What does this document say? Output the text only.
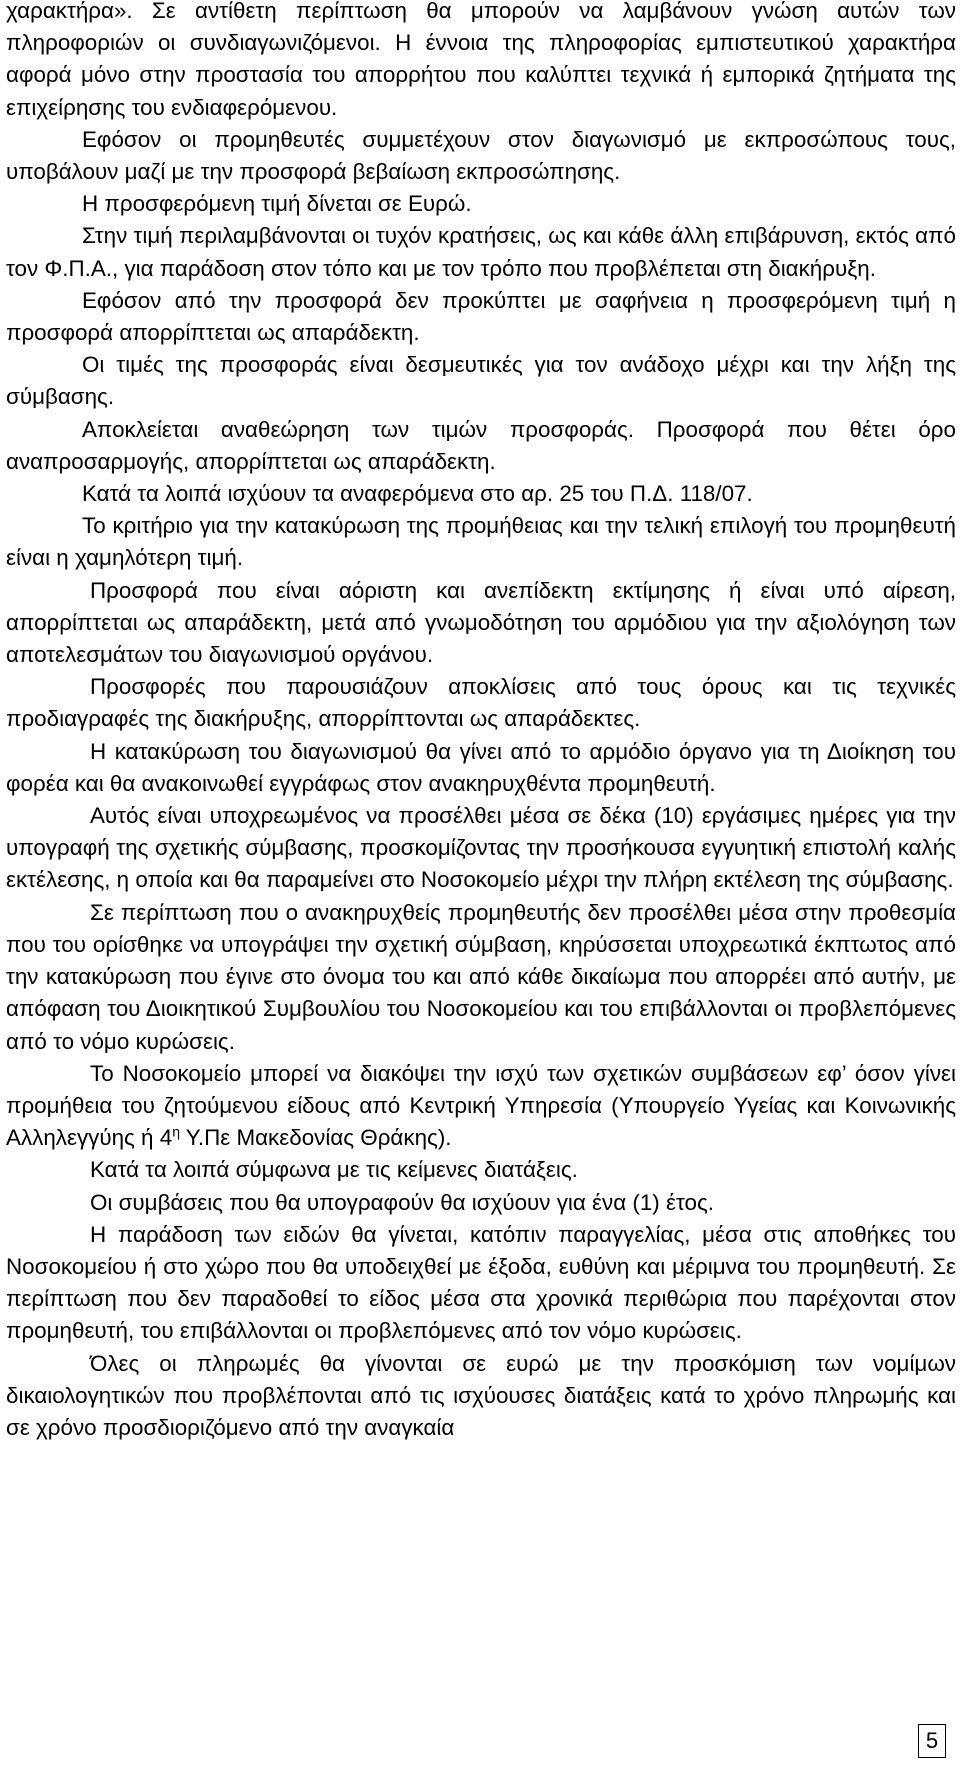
χαρακτήρα». Σε αντίθετη περίπτωση θα μπορούν να λαμβάνουν γνώση αυτών των πληροφοριών οι συνδιαγωνιζόμενοι. Η έννοια της πληροφορίας εμπιστευτικού χαρακτήρα αφορά μόνο στην προστασία του απορρήτου που καλύπτει τεχνικά ή εμπορικά ζητήματα της επιχείρησης του ενδιαφερόμενου.

Εφόσον οι προμηθευτές συμμετέχουν στον διαγωνισμό με εκπροσώπους τους, υποβάλουν μαζί με την προσφορά βεβαίωση εκπροσώπησης.

Η προσφερόμενη τιμή δίνεται σε Ευρώ.

Στην τιμή περιλαμβάνονται οι τυχόν κρατήσεις, ως και κάθε άλλη επιβάρυνση, εκτός από τον Φ.Π.Α., για παράδοση στον τόπο και με τον τρόπο που προβλέπεται στη διακήρυξη.

Εφόσον από την προσφορά δεν προκύπτει με σαφήνεια η προσφερόμενη τιμή η προσφορά απορρίπτεται ως απαράδεκτη.

Οι τιμές της προσφοράς είναι δεσμευτικές για τον ανάδοχο μέχρι και την λήξη της σύμβασης.

Αποκλείεται αναθεώρηση των τιμών προσφοράς. Προσφορά που θέτει όρο αναπροσαρμογής, απορρίπτεται ως απαράδεκτη.

Κατά τα λοιπά ισχύουν τα αναφερόμενα στο αρ. 25 του Π.Δ. 118/07.

Το κριτήριο για την κατακύρωση της προμήθειας και την τελική επιλογή του προμηθευτή είναι η χαμηλότερη τιμή.

Προσφορά που είναι αόριστη και ανεπίδεκτη εκτίμησης ή είναι υπό αίρεση, απορρίπτεται ως απαράδεκτη, μετά από γνωμοδότηση του αρμόδιου για την αξιολόγηση των αποτελεσμάτων του διαγωνισμού οργάνου.

Προσφορές που παρουσιάζουν αποκλίσεις από τους όρους και τις τεχνικές προδιαγραφές της διακήρυξης, απορρίπτονται ως απαράδεκτες.

Η κατακύρωση του διαγωνισμού θα γίνει από το αρμόδιο όργανο για τη Διοίκηση του φορέα και θα ανακοινωθεί εγγράφως στον ανακηρυχθέντα προμηθευτή.

Αυτός είναι υποχρεωμένος να προσέλθει μέσα σε δέκα (10) εργάσιμες ημέρες για την υπογραφή της σχετικής σύμβασης, προσκομίζοντας την προσήκουσα εγγυητική επιστολή καλής εκτέλεσης, η οποία και θα παραμείνει στο Νοσοκομείο μέχρι την πλήρη εκτέλεση της σύμβασης.

Σε περίπτωση που ο ανακηρυχθείς προμηθευτής δεν προσέλθει μέσα στην προθεσμία που του ορίσθηκε να υπογράψει την σχετική σύμβαση, κηρύσσεται υποχρεωτικά έκπτωτος από την κατακύρωση που έγινε στο όνομα του και από κάθε δικαίωμα που απορρέει από αυτήν, με απόφαση του Διοικητικού Συμβουλίου του Νοσοκομείου και του επιβάλλονται οι προβλεπόμενες από το νόμο κυρώσεις.

Το Νοσοκομείο μπορεί να διακόψει την ισχύ των σχετικών συμβάσεων εφ’ όσον γίνει προμήθεια του ζητούμενου είδους από Κεντρική Υπηρεσία (Υπουργείο Υγείας και Κοινωνικής Αλληλεγγύης ή $4^\eta$ Υ.Πε Μακεδονίας Θράκης).

Κατά τα λοιπά σύμφωνα με τις κείμενες διατάξεις.

Οι συμβάσεις που θα υπογραφούν θα ισχύουν για ένα (1) έτος.

Η παράδοση των ειδών θα γίνεται, κατόπιν παραγγελίας, μέσα στις αποθήκες του Νοσοκομείου ή στο χώρο που θα υποδειχθεί με έξοδα, ευθύνη και μέριμνα του προμηθευτή. Σε περίπτωση που δεν παραδοθεί το είδος μέσα στα χρονικά περιθώρια που παρέχονται στον προμηθευτή, του επιβάλλονται οι προβλεπόμενες από τον νόμο κυρώσεις.

Όλες οι πληρωμές θα γίνονται σε ευρώ με την προσκόμιση των νομίμων δικαιολογητικών που προβλέπονται από τις ισχύουσες διατάξεις κατά το χρόνο πληρωμής και σε χρόνο προσδιοριζόμενο από την αναγκαία

5
